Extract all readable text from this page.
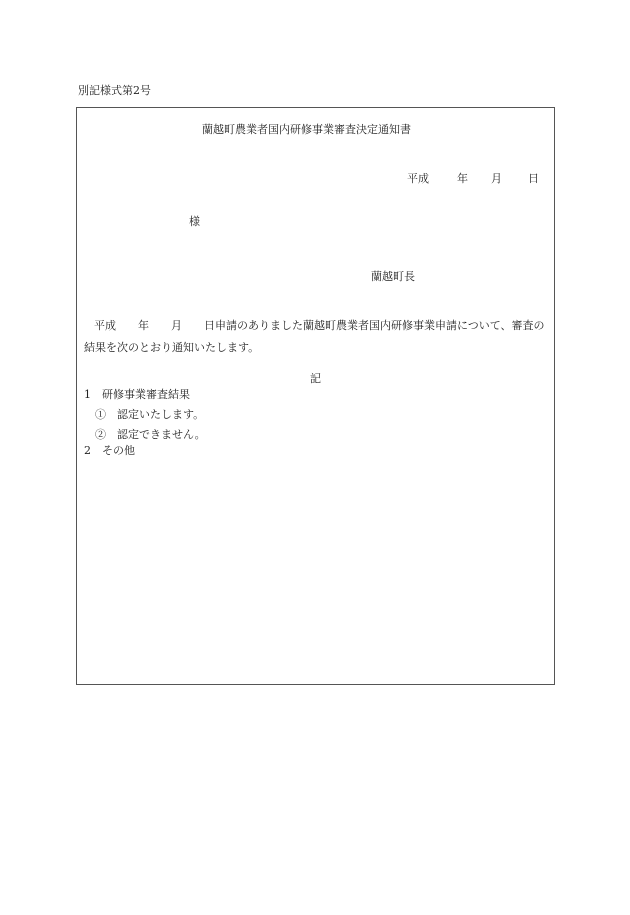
別記様式第2号
蘭越町農業者国内研修事業審査決定通知書
平成	年 月 日
様
蘭越町長
平成　　年　　月　　日申請のありました蘭越町農業者国内研修事業申請について、審査の結果を次のとおり通知いたします。
記
1　研修事業審査結果
①　認定いたします。
②　認定できません。
2　その他
